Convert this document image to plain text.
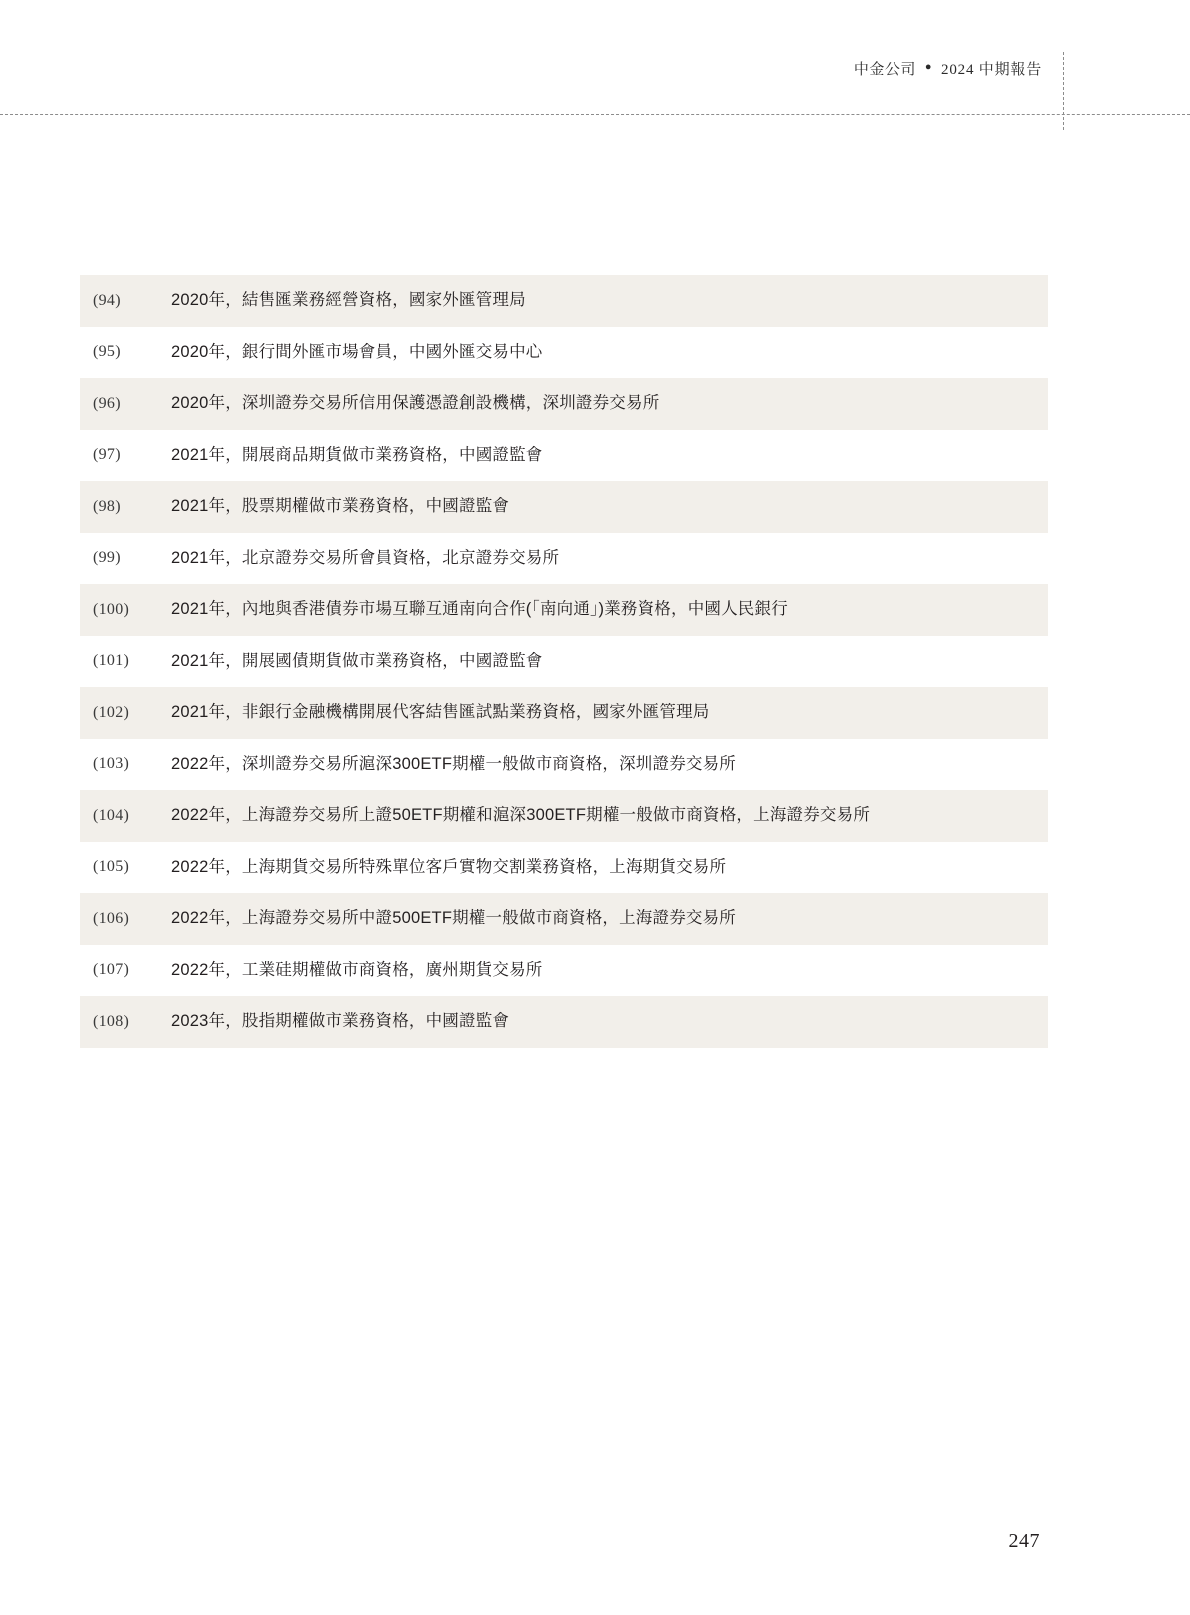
中金公司 ● 2024 中期報告
(94)	2020年，結售匯業務經營資格，國家外匯管理局
(95)	2020年，銀行間外匯市場會員，中國外匯交易中心
(96)	2020年，深圳證券交易所信用保護憑證創設機構，深圳證券交易所
(97)	2021年，開展商品期貨做市業務資格，中國證監會
(98)	2021年，股票期權做市業務資格，中國證監會
(99)	2021年，北京證券交易所會員資格，北京證券交易所
(100)	2021年，內地與香港債券市場互聯互通南向合作(「南向通」)業務資格，中國人民銀行
(101)	2021年，開展國債期貨做市業務資格，中國證監會
(102)	2021年，非銀行金融機構開展代客結售匯試點業務資格，國家外匯管理局
(103)	2022年，深圳證券交易所滬深300ETF期權一般做市商資格，深圳證券交易所
(104)	2022年，上海證券交易所上證50ETF期權和滬深300ETF期權一般做市商資格，上海證券交易所
(105)	2022年，上海期貨交易所特殊單位客戶實物交割業務資格，上海期貨交易所
(106)	2022年，上海證券交易所中證500ETF期權一般做市商資格，上海證券交易所
(107)	2022年，工業硅期權做市商資格，廣州期貨交易所
(108)	2023年，股指期權做市業務資格，中國證監會
247
